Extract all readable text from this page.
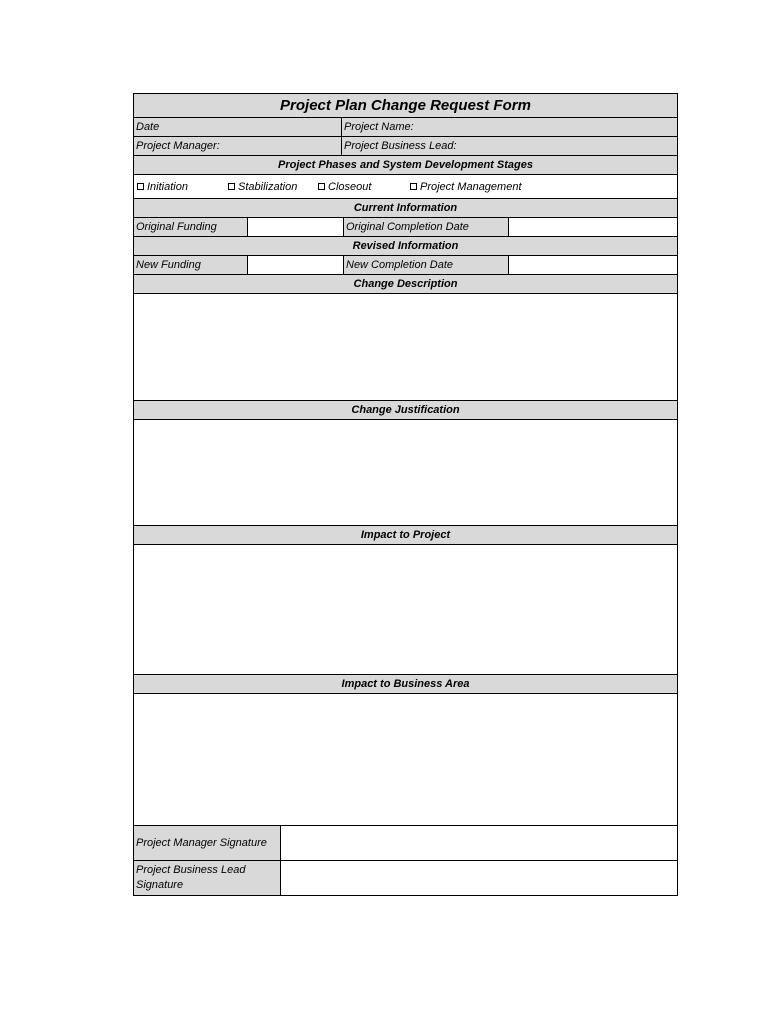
Project Plan Change Request Form
Date	Project Name:
Project Manager:	Project Business Lead:
Project Phases and System Development Stages
Initiation	Stabilization	Closeout	Project Management
Current Information
Original Funding	Original Completion Date
Revised Information
New Funding	New Completion Date
Change Description
Change Justification
Impact to Project
Impact to Business Area
Project Manager Signature
Project Business Lead Signature
